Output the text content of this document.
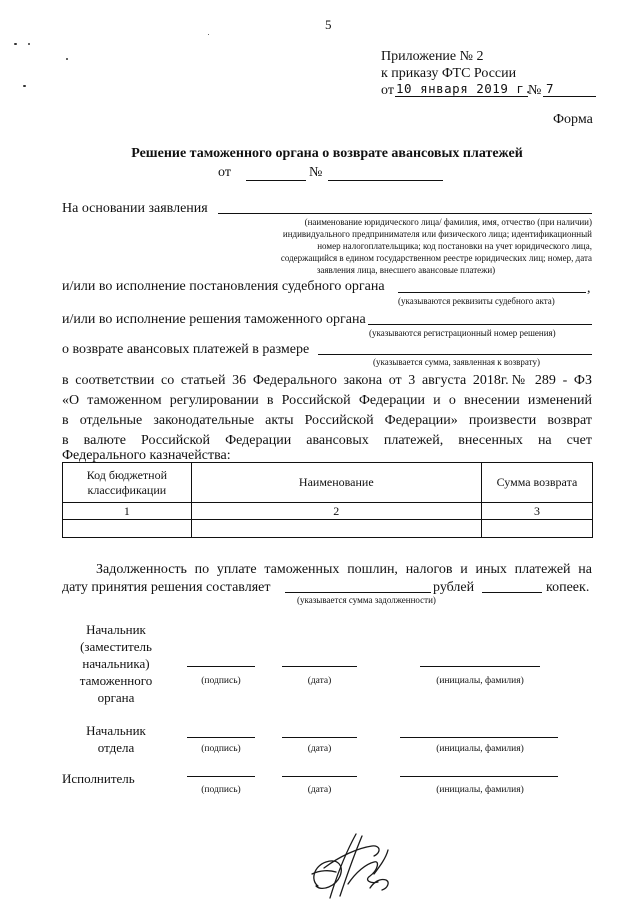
5
Приложение № 2
к приказу ФТС России
от 10 января 2019 г.
№ 7
Форма
Решение таможенного органа о возврате авансовых платежей
от	№
На основании заявления
(наименование юридического лица/ фамилия, имя, отчество (при наличии)
индивидуального предпринимателя или физического лица; идентификационный
номер налогоплательщика; код постановки на учет юридического лица,
содержащийся в едином государственном реестре юридических лиц; номер, дата
заявления лица, внесшего авансовые платежи)
и/или во исполнение постановления судебного органа	,
(указываются реквизиты судебного акта)
и/или во исполнение решения таможенного органа
(указываются регистрационный номер решения)
о возврате авансовых платежей в размере
(указывается сумма, заявленная к возврату)
в соответствии со статьей 36 Федерального закона от 3 августа 2018г.№ 289 - ФЗ
«О таможенном регулировании в Российской Федерации и о внесении изменений
в отдельные законодательные акты Российской Федерации» произвести возврат
в валюте Российской Федерации авансовых платежей, внесенных на счет
Федерального казначейства:
Код бюджетной классификации	Наименование	Сумма возврата
1	2	3

Задолженность по уплате таможенных пошлин, налогов и иных платежей на
дату принятия решения составляет	рублей	копеек.
(указывается сумма задолженности)
Начальник
(заместитель
начальника)
таможенного
органа
(подпись)	(дата)	(инициалы, фамилия)
Начальник
отдела	(подпись)	(дата)	(инициалы, фамилия)
Исполнитель
(подпись)	(дата)	(инициалы, фамилия)
